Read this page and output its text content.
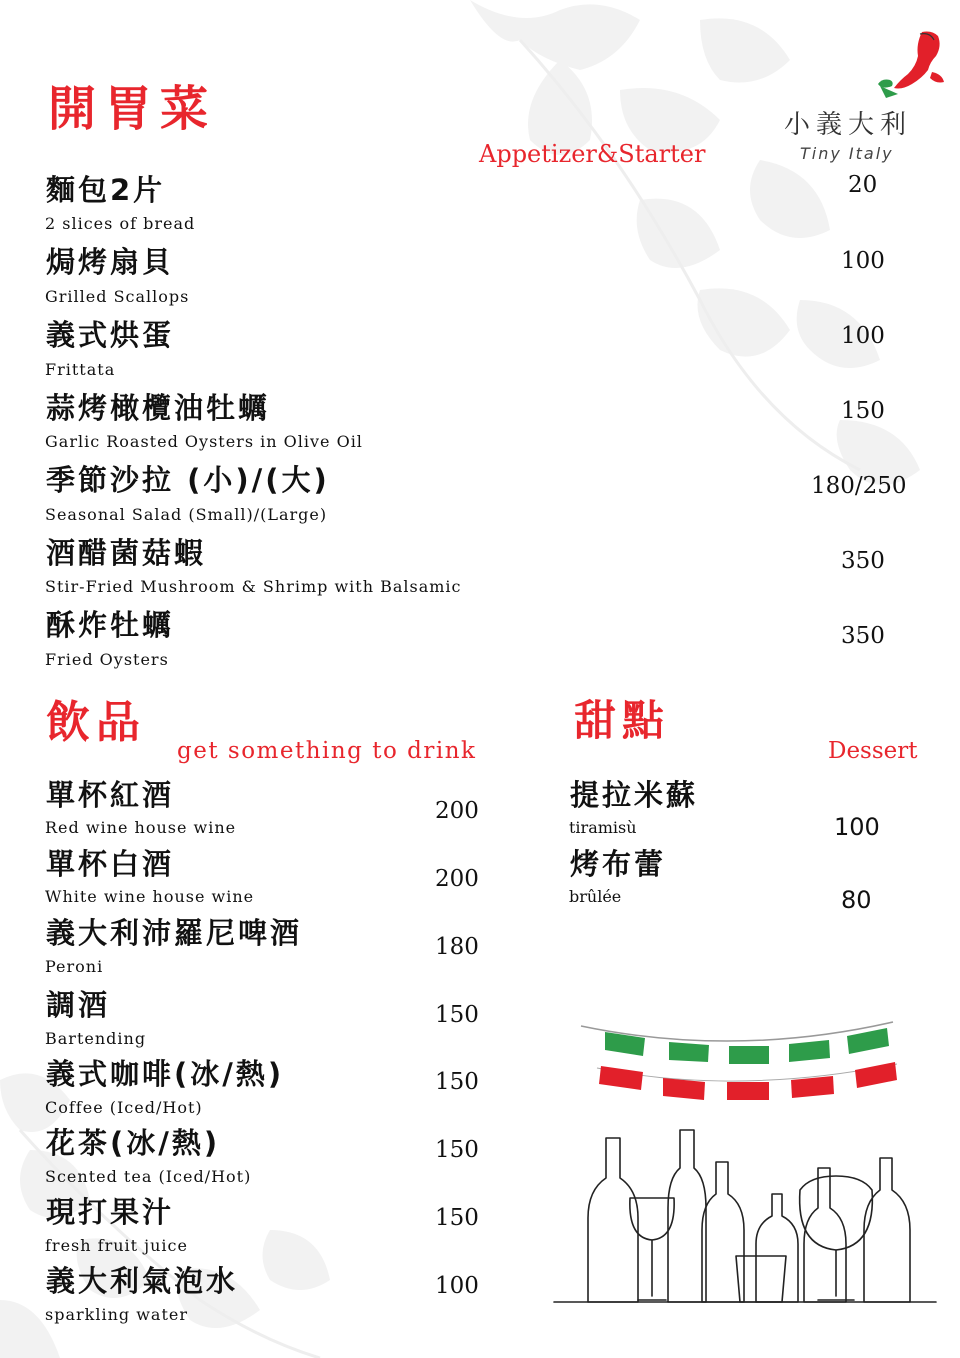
小義大利
Tiny Italy
開胃菜
Appetizer&Starter
麵包2片
2 slices of bread
20
焗烤扇貝
Grilled Scallops
100
義式烘蛋
Frittata
100
蒜烤橄欖油牡蠣
Garlic Roasted Oysters in Olive Oil
150
季節沙拉 (小)/(大)
Seasonal Salad (Small)/(Large)
180/250
酒醋菌菇蝦
Stir-Fried Mushroom & Shrimp with Balsamic
350
酥炸牡蠣
Fried Oysters
350
飲品
get something to drink
單杯紅酒
Red wine house wine
200
單杯白酒
White wine house wine
200
義大利沛羅尼啤酒
Peroni
180
調酒
Bartending
150
義式咖啡(冰/熱)
Coffee (Iced/Hot)
150
花茶(冰/熱)
Scented tea (Iced/Hot)
150
現打果汁
fresh fruit juice
150
義大利氣泡水
sparkling water
100
甜點
Dessert
提拉米蘇
tiramisù	100
烤布蕾
brûlée	80
